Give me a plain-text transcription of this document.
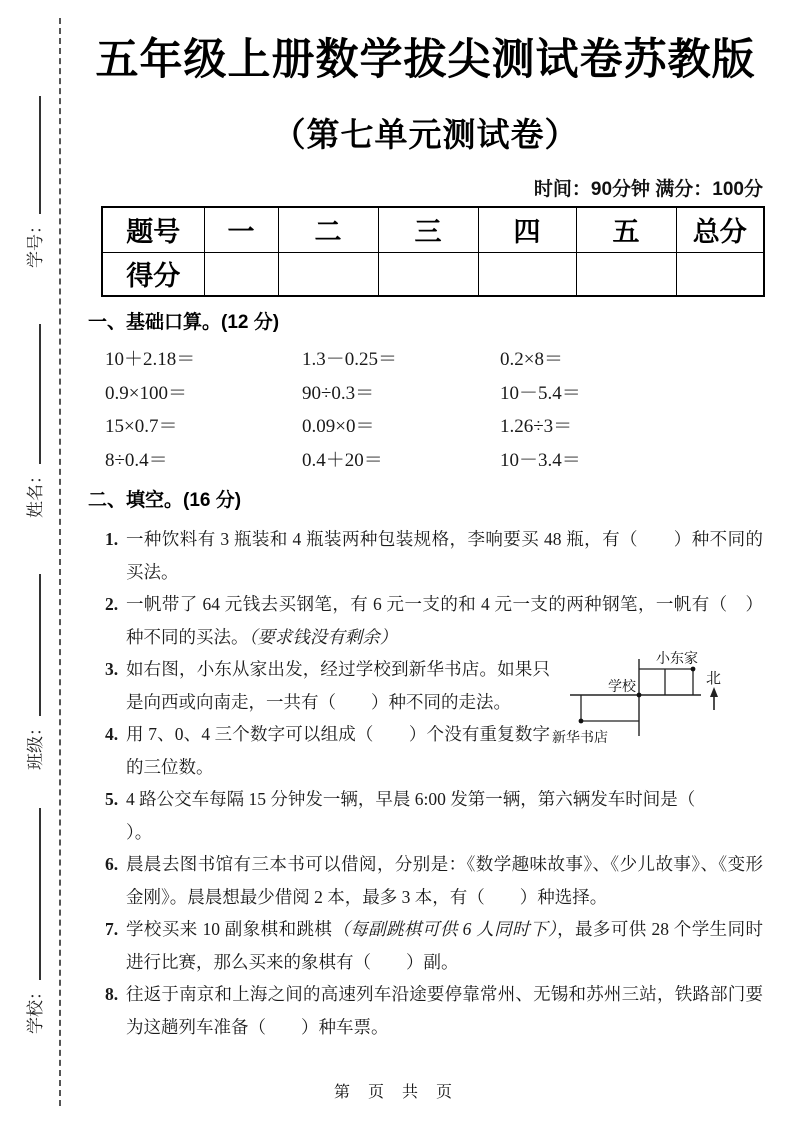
学号：
姓名：
班级：
学校：
五年级上册数学拔尖测试卷苏教版
（第七单元测试卷）
时间：90分钟 满分：100分
题号	一	二	三	四	五	总分
得分						
一、基础口算。(12 分)
10＋2.18＝	1.3－0.25＝	0.2×8＝
0.9×100＝	90÷0.3＝	10－5.4＝
15×0.7＝	0.09×0＝	1.26÷3＝
8÷0.4＝	0.4＋20＝	10－3.4＝
二、填空。(16 分)
1. 一种饮料有 3 瓶装和 4 瓶装两种包装规格，李响要买 48 瓶，有（　　）种不同的买法。
2. 一帆带了 64 元钱去买钢笔，有 6 元一支的和 4 元一支的两种钢笔，一帆有（　）种不同的买法。（要求钱没有剩余）
3. 如右图，小东从家出发，经过学校到新华书店。如果只是向西或向南走，一共有（　　）种不同的走法。
4. 用 7、0、4 三个数字可以组成（　　）个没有重复数字的三位数。
小东家
学校
新华书店
北
5. 4 路公交车每隔 15 分钟发一辆，早晨 6:00 发第一辆，第六辆发车时间是（
）。
6. 晨晨去图书馆有三本书可以借阅，分别是：《数学趣味故事》、《少儿故事》、《变形金刚》。晨晨想最少借阅 2 本，最多 3 本，有（　　）种选择。
7. 学校买来 10 副象棋和跳棋（每副跳棋可供 6 人同时下），最多可供 28 个学生同时进行比赛，那么买来的象棋有（　　）副。
8. 往返于南京和上海之间的高速列车沿途要停靠常州、无锡和苏州三站，铁路部门要为这趟列车准备（　　）种车票。
第 页 共 页
